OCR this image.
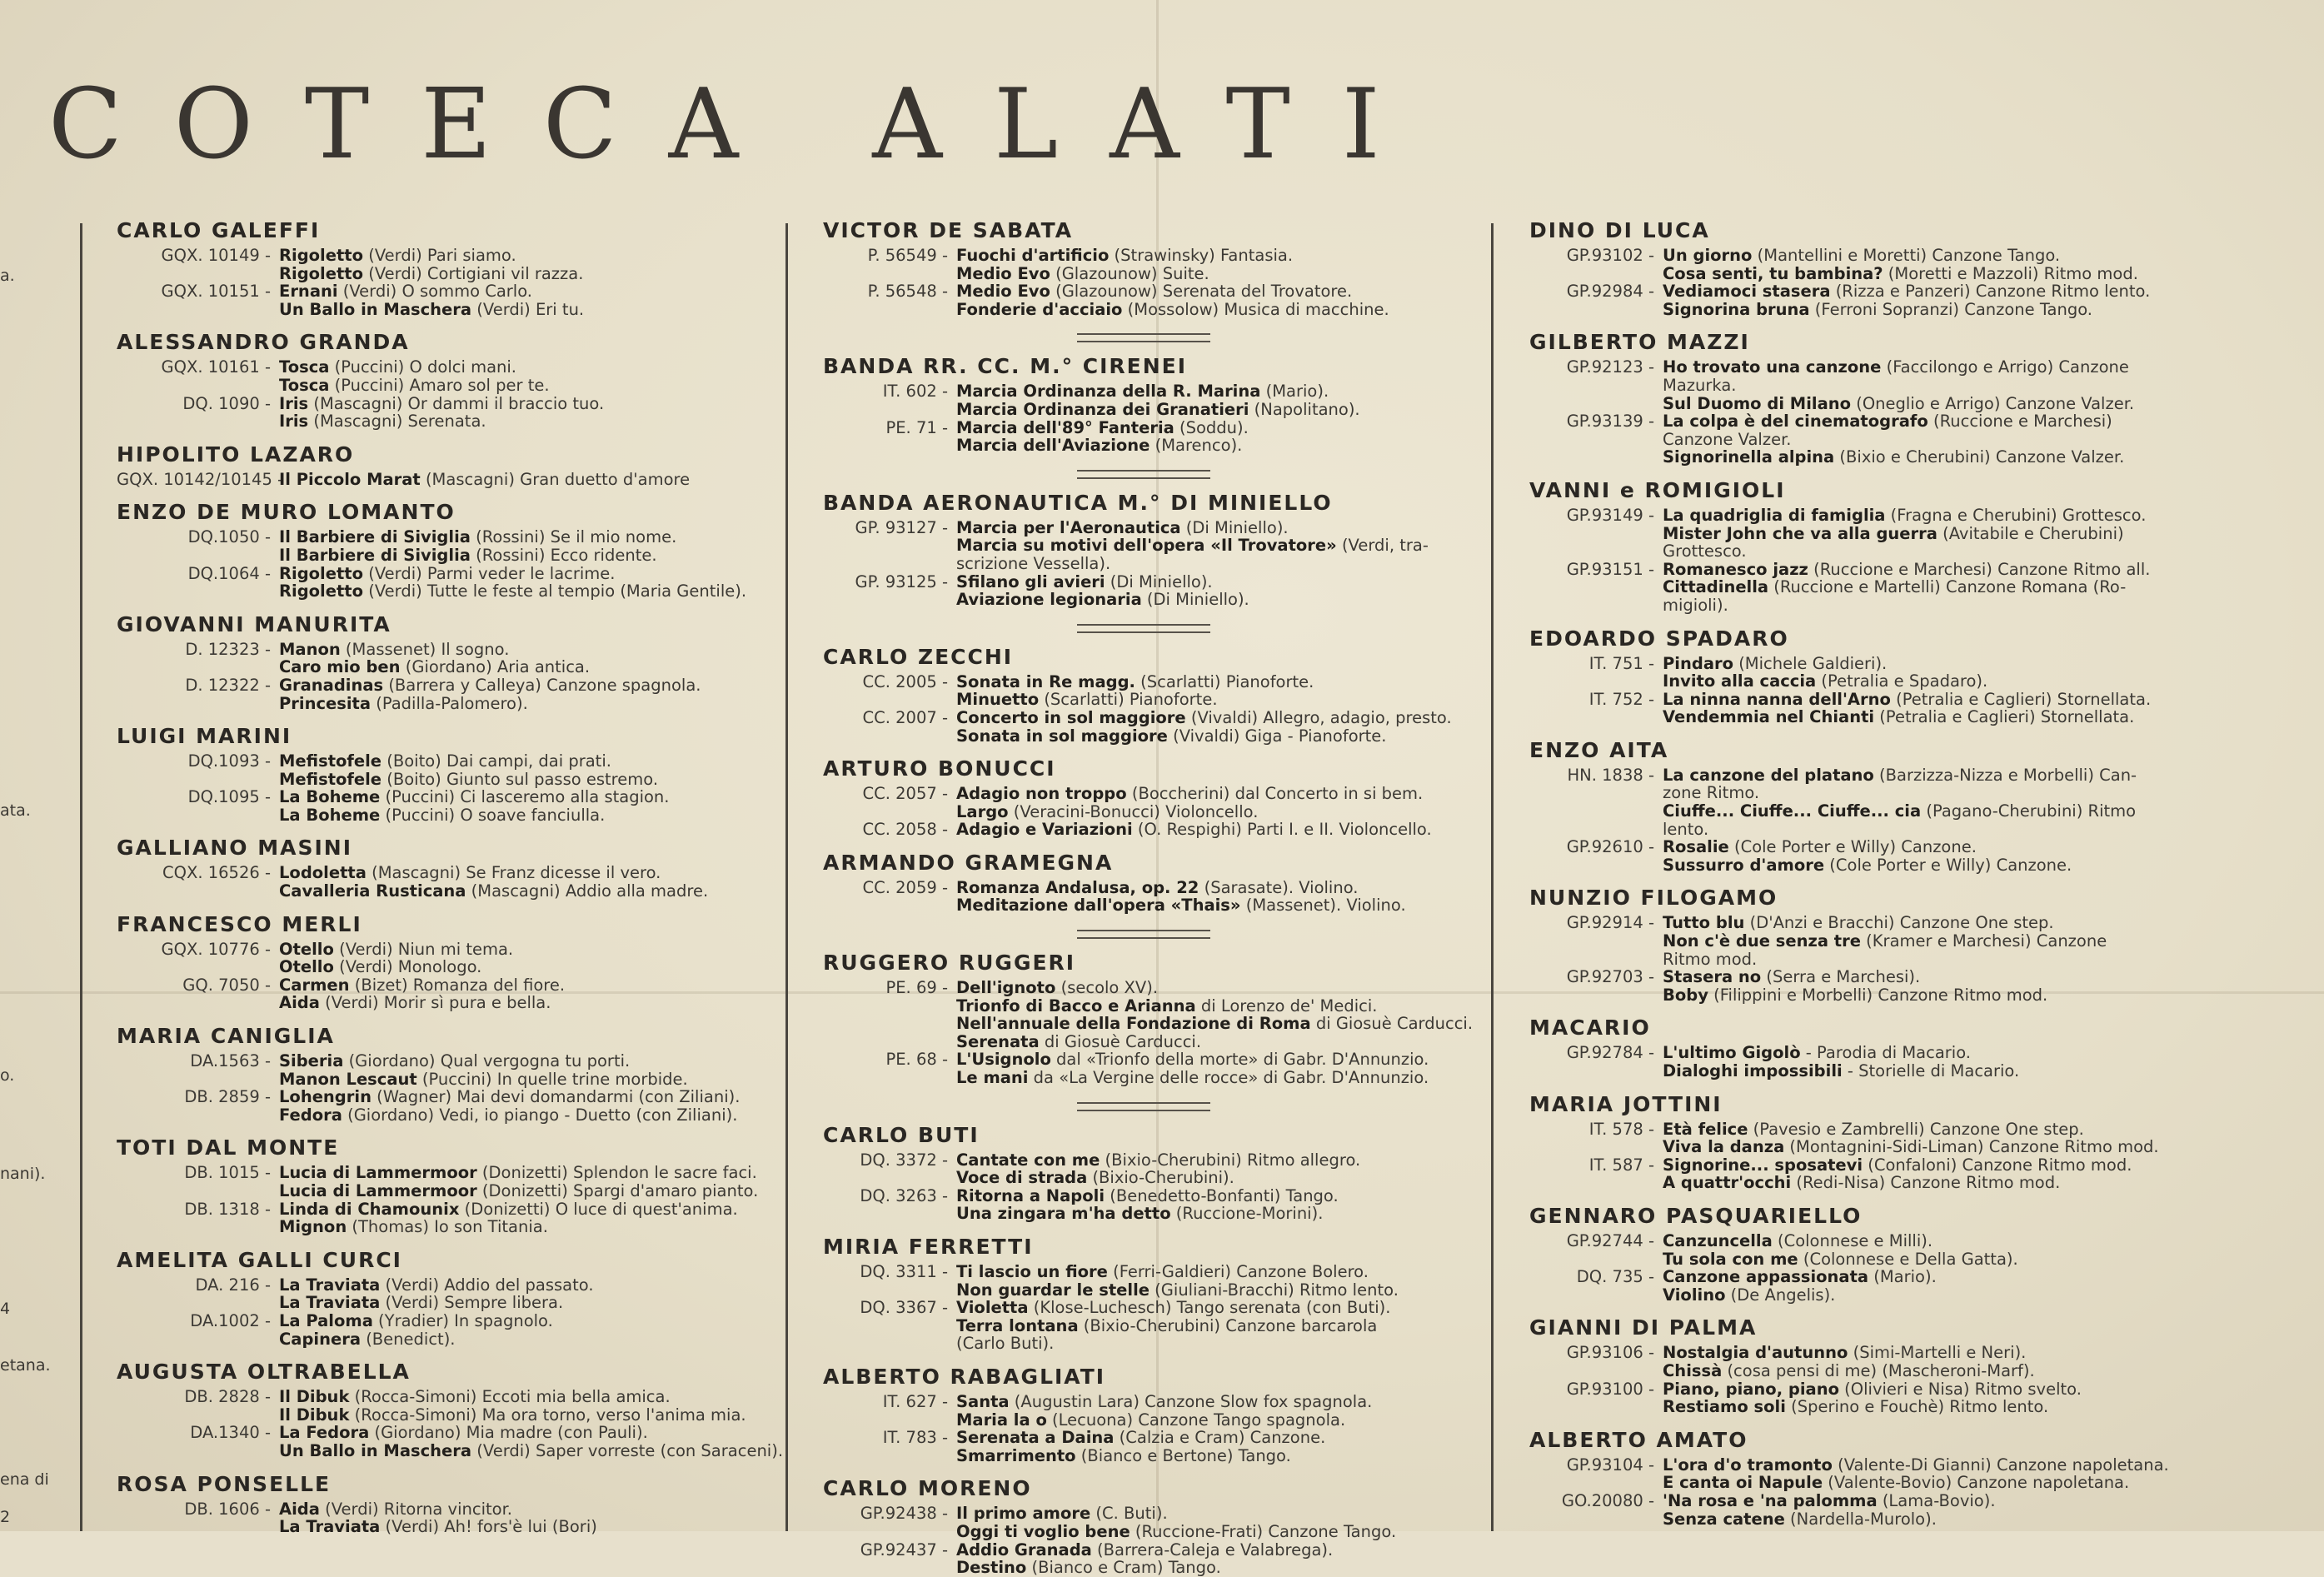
COTECA ALATI
a.
ata.
o.
nani).
4
etana.
ena di
2
CARLO GALEFFI
GQX. 10149 - Rigoletto (Verdi) Pari siamo.
Rigoletto (Verdi) Cortigiani vil razza.
GQX. 10151 - Ernani (Verdi) O sommo Carlo.
Un Ballo in Maschera (Verdi) Eri tu.
ALESSANDRO GRANDA
GQX. 10161 - Tosca (Puccini) O dolci mani.
Tosca (Puccini) Amaro sol per te.
DQ. 1090 - Iris (Mascagni) Or dammi il braccio tuo.
Iris (Mascagni) Serenata.
HIPOLITO LAZARO
GQX. 10142/10145 -
Il Piccolo Marat (Mascagni) Gran duetto d'amore
ENZO DE MURO LOMANTO
DQ.1050 - Il Barbiere di Siviglia (Rossini) Se il mio nome.
Il Barbiere di Siviglia (Rossini) Ecco ridente.
DQ.1064 - Rigoletto (Verdi) Parmi veder le lacrime.
Rigoletto (Verdi) Tutte le feste al tempio (Maria Gentile).
GIOVANNI MANURITA
D. 12323 - Manon (Massenet) Il sogno.
Caro mio ben (Giordano) Aria antica.
D. 12322 - Granadinas (Barrera y Calleya) Canzone spagnola.
Princesita (Padilla-Palomero).
LUIGI MARINI
DQ.1093 - Mefistofele (Boito) Dai campi, dai prati.
Mefistofele (Boito) Giunto sul passo estremo.
DQ.1095 - La Boheme (Puccini) Ci lasceremo alla stagion.
La Boheme (Puccini) O soave fanciulla.
GALLIANO MASINI
CQX. 16526 - Lodoletta (Mascagni) Se Franz dicesse il vero.
Cavalleria Rusticana (Mascagni) Addio alla madre.
FRANCESCO MERLI
GQX. 10776 - Otello (Verdi) Niun mi tema.
Otello (Verdi) Monologo.
GQ. 7050 - Carmen (Bizet) Romanza del fiore.
Aida (Verdi) Morir sì pura e bella.
MARIA CANIGLIA
DA.1563 - Siberia (Giordano) Qual vergogna tu porti.
Manon Lescaut (Puccini) In quelle trine morbide.
DB. 2859 - Lohengrin (Wagner) Mai devi domandarmi (con Ziliani).
Fedora (Giordano) Vedi, io piango - Duetto (con Ziliani).
TOTI DAL MONTE
DB. 1015 - Lucia di Lammermoor (Donizetti) Splendon le sacre faci.
Lucia di Lammermoor (Donizetti) Spargi d'amaro pianto.
DB. 1318 - Linda di Chamounix (Donizetti) O luce di quest'anima.
Mignon (Thomas) Io son Titania.
AMELITA GALLI CURCI
DA. 216 - La Traviata (Verdi) Addio del passato.
La Traviata (Verdi) Sempre libera.
DA.1002 - La Paloma (Yradier) In spagnolo.
Capinera (Benedict).
AUGUSTA OLTRABELLA
DB. 2828 - Il Dibuk (Rocca-Simoni) Eccoti mia bella amica.
Il Dibuk (Rocca-Simoni) Ma ora torno, verso l'anima mia.
DA.1340 - La Fedora (Giordano) Mia madre (con Pauli).
Un Ballo in Maschera (Verdi) Saper vorreste (con Saraceni).
ROSA PONSELLE
DB. 1606 - Aida (Verdi) Ritorna vincitor.
La Traviata (Verdi) Ah! fors'è lui (Bori)
VICTOR DE SABATA
P. 56549 - Fuochi d'artificio (Strawinsky) Fantasia.
Medio Evo (Glazounow) Suite.
P. 56548 - Medio Evo (Glazounow) Serenata del Trovatore.
Fonderie d'acciaio (Mossolow) Musica di macchine.
BANDA RR. CC. M.° CIRENEI
IT. 602 - Marcia Ordinanza della R. Marina (Mario).
Marcia Ordinanza dei Granatieri (Napolitano).
PE. 71 - Marcia dell'89° Fanteria (Soddu).
Marcia dell'Aviazione (Marenco).
BANDA AERONAUTICA M.° DI MINIELLO
GP. 93127 - Marcia per l'Aeronautica (Di Miniello).
Marcia su motivi dell'opera «Il Trovatore» (Verdi, tra-
scrizione Vessella).
GP. 93125 - Sfilano gli avieri (Di Miniello).
Aviazione legionaria (Di Miniello).
CARLO ZECCHI
CC. 2005 - Sonata in Re magg. (Scarlatti) Pianoforte.
Minuetto (Scarlatti) Pianoforte.
CC. 2007 - Concerto in sol maggiore (Vivaldi) Allegro, adagio, presto.
Sonata in sol maggiore (Vivaldi) Giga - Pianoforte.
ARTURO BONUCCI
CC. 2057 - Adagio non troppo (Boccherini) dal Concerto in si bem.
Largo (Veracini-Bonucci) Violoncello.
CC. 2058 - Adagio e Variazioni (O. Respighi) Parti I. e II. Violoncello.
ARMANDO GRAMEGNA
CC. 2059 - Romanza Andalusa, op. 22 (Sarasate). Violino.
Meditazione dall'opera «Thais» (Massenet). Violino.
RUGGERO RUGGERI
PE. 69 - Dell'ignoto (secolo XV).
Trionfo di Bacco e Arianna di Lorenzo de' Medici.
Nell'annuale della Fondazione di Roma di Giosuè Carducci.
Serenata di Giosuè Carducci.
PE. 68 - L'Usignolo dal «Trionfo della morte» di Gabr. D'Annunzio.
Le mani da «La Vergine delle rocce» di Gabr. D'Annunzio.
CARLO BUTI
DQ. 3372 - Cantate con me (Bixio-Cherubini) Ritmo allegro.
Voce di strada (Bixio-Cherubini).
DQ. 3263 - Ritorna a Napoli (Benedetto-Bonfanti) Tango.
Una zingara m'ha detto (Ruccione-Morini).
MIRIA FERRETTI
DQ. 3311 - Ti lascio un fiore (Ferri-Galdieri) Canzone Bolero.
Non guardar le stelle (Giuliani-Bracchi) Ritmo lento.
DQ. 3367 - Violetta (Klose-Luchesch) Tango serenata (con Buti).
Terra lontana (Bixio-Cherubini) Canzone barcarola
(Carlo Buti).
ALBERTO RABAGLIATI
IT. 627 - Santa (Augustin Lara) Canzone Slow fox spagnola.
Maria la o (Lecuona) Canzone Tango spagnola.
IT. 783 - Serenata a Daina (Calzia e Cram) Canzone.
Smarrimento (Bianco e Bertone) Tango.
CARLO MORENO
GP.92438 - Il primo amore (C. Buti).
Oggi ti voglio bene (Ruccione-Frati) Canzone Tango.
GP.92437 - Addio Granada (Barrera-Caleja e Valabrega).
Destino (Bianco e Cram) Tango.
DINO DI LUCA
GP.93102 - Un giorno (Mantellini e Moretti) Canzone Tango.
Cosa senti, tu bambina? (Moretti e Mazzoli) Ritmo mod.
GP.92984 - Vediamoci stasera (Rizza e Panzeri) Canzone Ritmo lento.
Signorina bruna (Ferroni Sopranzi) Canzone Tango.
GILBERTO MAZZI
GP.92123 - Ho trovato una canzone (Faccilongo e Arrigo) Canzone
Mazurka.
Sul Duomo di Milano (Oneglio e Arrigo) Canzone Valzer.
GP.93139 - La colpa è del cinematografo (Ruccione e Marchesi)
Canzone Valzer.
Signorinella alpina (Bixio e Cherubini) Canzone Valzer.
VANNI e ROMIGIOLI
GP.93149 - La quadriglia di famiglia (Fragna e Cherubini) Grottesco.
Mister John che va alla guerra (Avitabile e Cherubini)
Grottesco.
GP.93151 - Romanesco jazz (Ruccione e Marchesi) Canzone Ritmo all.
Cittadinella (Ruccione e Martelli) Canzone Romana (Ro-
migioli).
EDOARDO SPADARO
IT. 751 - Pindaro (Michele Galdieri).
Invito alla caccia (Petralia e Spadaro).
IT. 752 - La ninna nanna dell'Arno (Petralia e Caglieri) Stornellata.
Vendemmia nel Chianti (Petralia e Caglieri) Stornellata.
ENZO AITA
HN. 1838 - La canzone del platano (Barzizza-Nizza e Morbelli) Can-
zone Ritmo.
Ciuffe... Ciuffe... Ciuffe... cia (Pagano-Cherubini) Ritmo
lento.
GP.92610 - Rosalie (Cole Porter e Willy) Canzone.
Sussurro d'amore (Cole Porter e Willy) Canzone.
NUNZIO FILOGAMO
GP.92914 - Tutto blu (D'Anzi e Bracchi) Canzone One step.
Non c'è due senza tre (Kramer e Marchesi) Canzone
Ritmo mod.
GP.92703 - Stasera no (Serra e Marchesi).
Boby (Filippini e Morbelli) Canzone Ritmo mod.
MACARIO
GP.92784 - L'ultimo Gigolò - Parodia di Macario.
Dialoghi impossibili - Storielle di Macario.
MARIA JOTTINI
IT. 578 - Età felice (Pavesio e Zambrelli) Canzone One step.
Viva la danza (Montagnini-Sidi-Liman) Canzone Ritmo mod.
IT. 587 - Signorine... sposatevi (Confaloni) Canzone Ritmo mod.
A quattr'occhi (Redi-Nisa) Canzone Ritmo mod.
GENNARO PASQUARIELLO
GP.92744 - Canzuncella (Colonnese e Milli).
Tu sola con me (Colonnese e Della Gatta).
DQ. 735 - Canzone appassionata (Mario).
Violino (De Angelis).
GIANNI DI PALMA
GP.93106 - Nostalgia d'autunno (Simi-Martelli e Neri).
Chissà (cosa pensi di me) (Mascheroni-Marf).
GP.93100 - Piano, piano, piano (Olivieri e Nisa) Ritmo svelto.
Restiamo soli (Sperino e Fouchè) Ritmo lento.
ALBERTO AMATO
GP.93104 - L'ora d'o tramonto (Valente-Di Gianni) Canzone napoletana.
E canta oi Napule (Valente-Bovio) Canzone napoletana.
GO.20080 - 'Na rosa e 'na palomma (Lama-Bovio).
Senza catene (Nardella-Murolo).
